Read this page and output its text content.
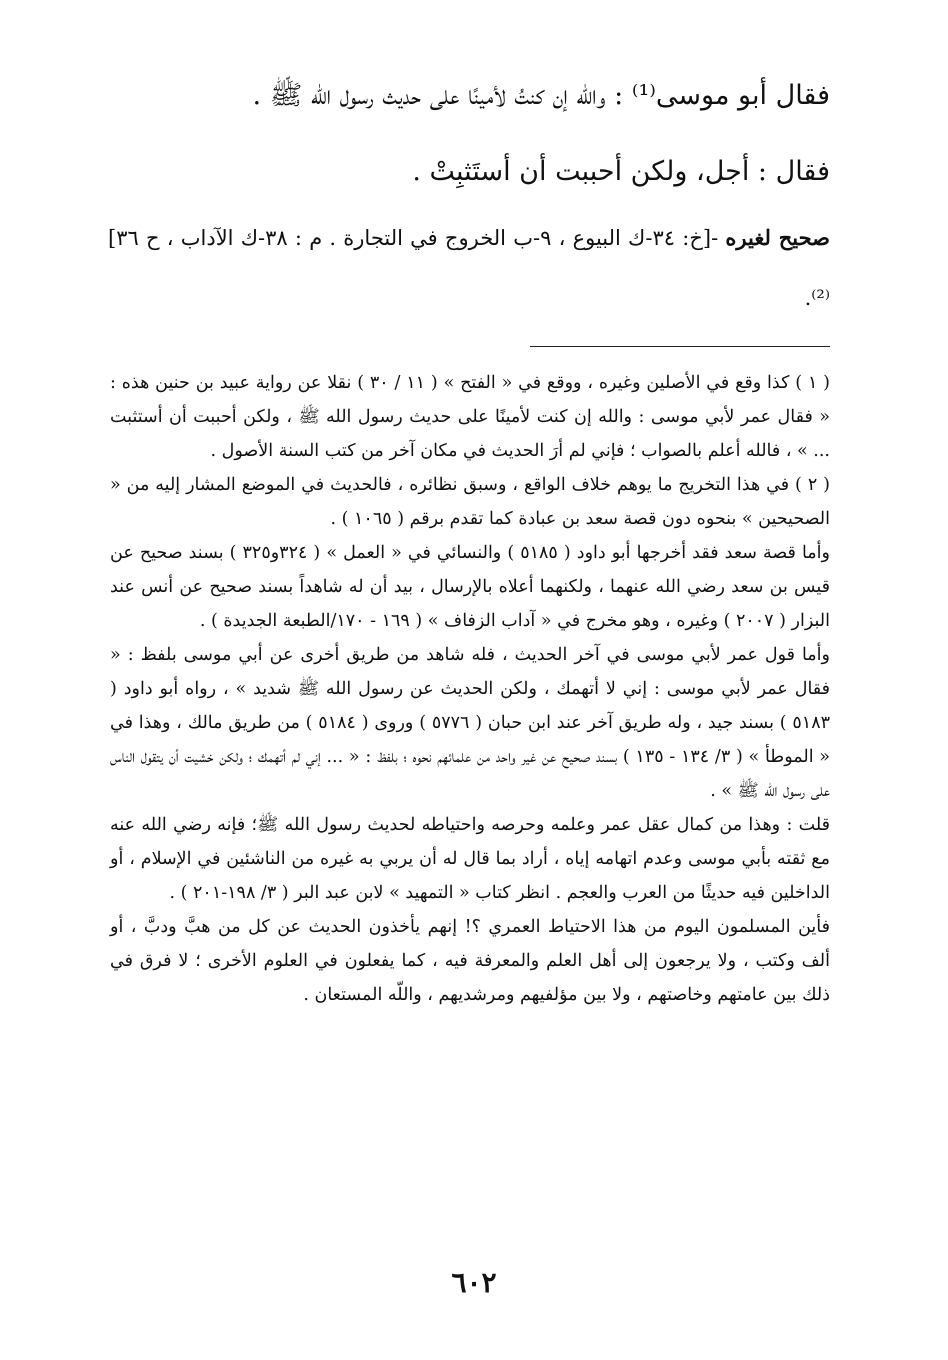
فقال أبو موسى⁽¹⁾ : واللّه إن كنتُ لأمينًا على حديث رسول الله ﷺ .
فقال : أجل، ولكن أحببت أن أستَثبِتْ .
صحيح لغيره -[خ: ٣٤-ك البيوع ، ٩-ب الخروج في التجارة . م : ٣٨-ك الآداب ، ح ٣٦]⁽²⁾.

( ١ ) كذا وقع في الأصلين وغيره ، ووقع في « الفتح » ( ١١ / ٣٠ ) نقلا عن رواية عبيد بن حنين هذه : « فقال عمر لأبي موسى : والله إن كنت لأمينًا على حديث رسول الله ﷺ ، ولكن أحببت أن أستثبت ... » ، فالله أعلم بالصواب ؛ فإني لم أرَ الحديث في مكان آخر من كتب السنة الأصول .

( ٢ ) في هذا التخريج ما يوهم خلاف الواقع ، وسبق نظائره ، فالحديث في الموضع المشار إليه من « الصحيحين » بنحوه دون قصة سعد بن عبادة كما تقدم برقم ( ١٠٦٥ ) .

وأما قصة سعد فقد أخرجها أبو داود ( ٥١٨٥ ) والنسائي في « العمل » ( ٣٢٤و٣٢٥ ) بسند صحيح عن قيس بن سعد رضي الله عنهما ، ولكنهما أعلاه بالإرسال ، بيد أن له شاهداً بسند صحيح عن أنس عند البزار ( ٢٠٠٧ ) وغيره ، وهو مخرج في « آداب الزفاف » ( ١٦٩ - ١٧٠/الطبعة الجديدة ) .

وأما قول عمر لأبي موسى في آخر الحديث ، فله شاهد من طريق أخرى عن أبي موسى بلفظ : « فقال عمر لأبي موسى : إني لا أتهمك ، ولكن الحديث عن رسول الله ﷺ شديد » ، رواه أبو داود ( ٥١٨٣ ) بسند جيد ، وله طريق آخر عند ابن حبان ( ٥٧٧٦ ) وروى ( ٥١٨٤ ) من طريق مالك ، وهذا في « الموطأ » ( ٣/ ١٣٤ - ١٣٥ ) بسند صحيح عن غير واحد من علمائهم نحوه ؛ بلفظ : « ... إني لم أتهمك ؛ ولكن خشيت أن يتقول الناس على رسول الله ﷺ » .

قلت : وهذا من كمال عقل عمر وعلمه وحرصه واحتياطه لحديث رسول الله ﷺ؛ فإنه رضي الله عنه مع ثقته بأبي موسى وعدم اتهامه إياه ، أراد بما قال له أن يربي به غيره من الناشئين في الإسلام ، أو الداخلين فيه حديثًا من العرب والعجم . انظر كتاب « التمهيد » لابن عبد البر ( ٣/ ١٩٨-٢٠١ ) .

فأين المسلمون اليوم من هذا الاحتياط العمري ؟! إنهم يأخذون الحديث عن كل من هبَّ ودبَّ ، أو ألف وكتب ، ولا يرجعون إلى أهل العلم والمعرفة فيه ، كما يفعلون في العلوم الأخرى ؛ لا فرق في ذلك بين عامتهم وخاصتهم ، ولا بين مؤلفيهم ومرشديهم ، واللّه المستعان .

٦٠٢
